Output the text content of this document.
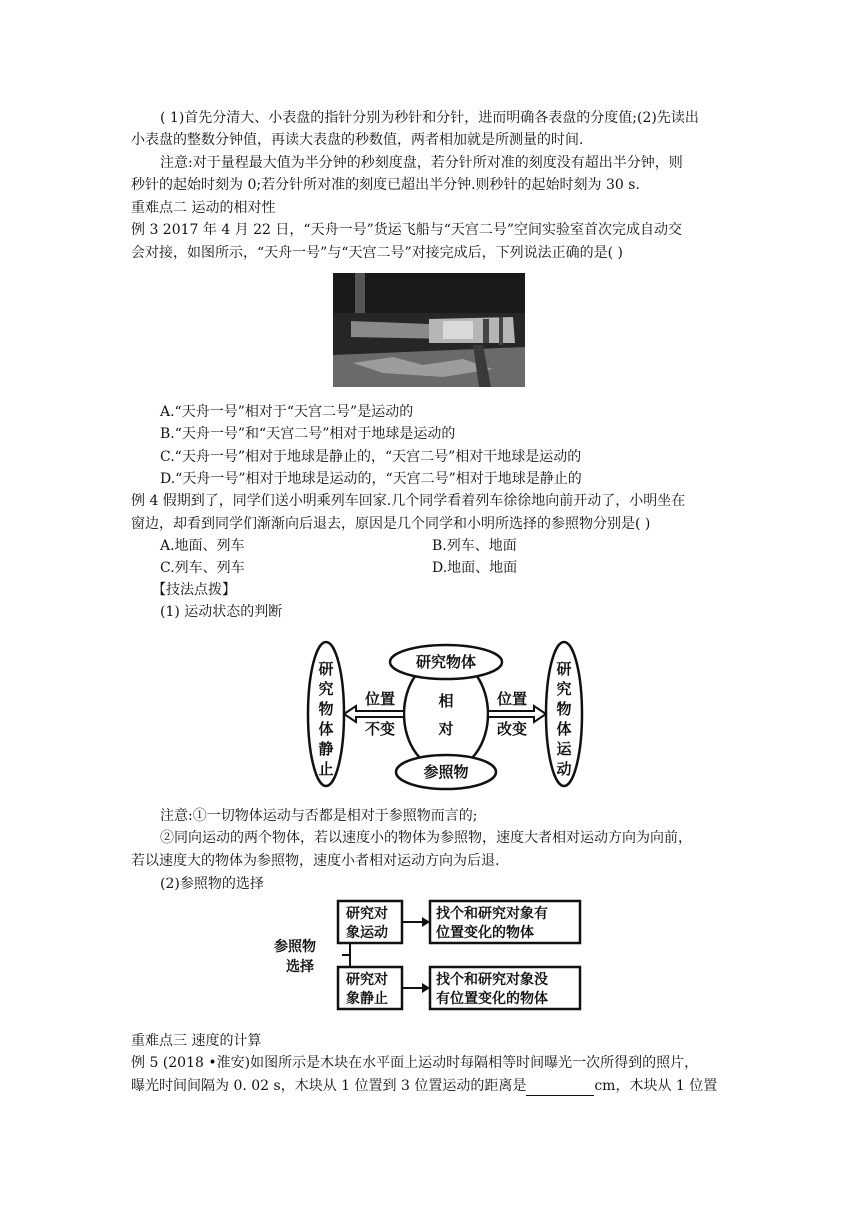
( 1)首先分清大、小表盘的指针分别为秒针和分针，进而明确各表盘的分度值;(2)先读出
小表盘的整数分钟值，再读大表盘的秒数值，两者相加就是所测量的时间.
注意:对于量程最大值为半分钟的秒刻度盘，若分针所对准的刻度没有超出半分钟，则
秒针的起始时刻为 0;若分针所对准的刻度已超出半分钟.则秒针的起始时刻为 30 s.
重难点二 运动的相对性
例 3 2017 年 4 月 22 日，“天舟一号”货运飞船与“天宫二号”空间实验室首次完成自动交
会对接，如图所示，“天舟一号”与“天宫二号”对接完成后，下列说法正确的是( )
A.“天舟一号”相对于“天宫二号”是运动的
B.“天舟一号”和“天宫二号”相对于地球是运动的
C.“天舟一号”相对于地球是静止的，“天宫二号”相对干地球是运动的
D.“天舟一号”相对于地球是运动的，“天宫二号”相对于地球是静止的
例 4 假期到了，同学们送小明乘列车回家.几个同学看着列车徐徐地向前开动了，小明坐在
窗边，却看到同学们渐渐向后退去，原因是几个同学和小明所选择的参照物分别是( )
A.地面、列车	B.列车、地面
C.列车、列车	D.地面、地面
【技法点拨】
(1) 运动状态的判断
研
究
物
体
静
止
研
究
物
体
运
动
研究物体
参照物
相
对
位置
不变
位置
改变
注意:①一切物体运动与否都是相对于参照物而言的;
②同向运动的两个物体，若以速度小的物体为参照物，速度大者相对运动方向为向前，
若以速度大的物体为参照物，速度小者相对运动方向为后退.
(2)参照物的选择
参照物
选择
研究对
象运动
研究对
象静止
找个和研究对象有
位置变化的物体
找个和研究对象没
有位置变化的物体
重难点三 速度的计算
例 5 (2018 •淮安)如图所示是木块在水平面上运动时每隔相等时间曝光一次所得到的照片，
曝光时间间隔为 0. 02 s，木块从 1 位置到 3 位置运动的距离是	cm，木块从 1 位置
